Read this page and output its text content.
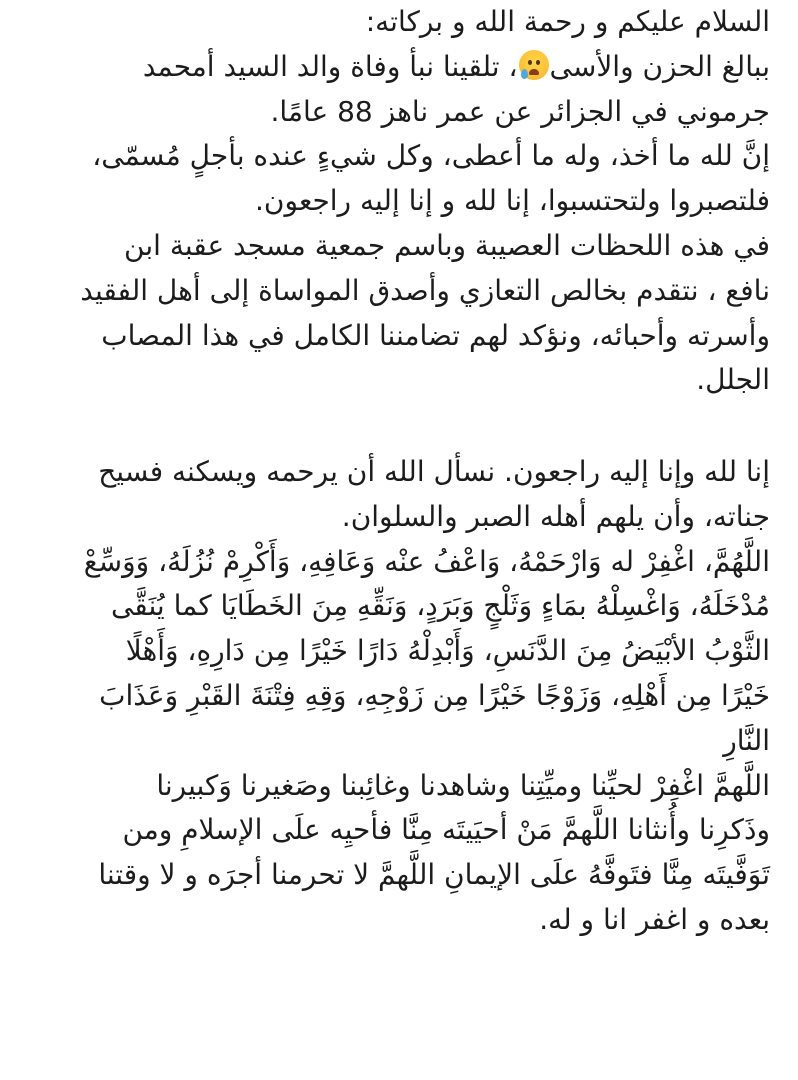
السلام عليكم و رحمة الله و بركاته:
ببالغ الحزن والأسى
، تلقينا نبأ وفاة والد السيد أمحمد
جرموني في الجزائر عن عمر ناهز 88 عامًا.
إنَّ لله ما أخذ، وله ما أعطى، وكل شيءٍ عنده بأجلٍ مُسمّى،
فلتصبروا ولتحتسبوا، إنا لله و إنا إليه راجعون.
في هذه اللحظات العصيبة وباسم جمعية مسجد عقبة ابن
نافع ، نتقدم بخالص التعازي وأصدق المواساة إلى أهل الفقيد
وأسرته وأحبائه، ونؤكد لهم تضامننا الكامل في هذا المصاب
الجلل.
إنا لله وإنا إليه راجعون. نسأل الله أن يرحمه ويسكنه فسيح
جناته، وأن يلهم أهله الصبر والسلوان.
اللَّهُمَّ، اغْفِرْ له وَارْحَمْهُ، وَاعْفُ عنْه وَعَافِهِ، وَأَكْرِمْ نُزُلَهُ، وَوَسِّعْ
مُدْخَلَهُ، وَاغْسِلْهُ بمَاءٍ وَثَلْجٍ وَبَرَدٍ، وَنَقِّهِ مِنَ الخَطَايَا كما يُنَقَّى
الثَّوْبُ الأبْيَضُ مِنَ الدَّنَسِ، وَأَبْدِلْهُ دَارًا خَيْرًا مِن دَارِهِ، وَأَهْلًا
خَيْرًا مِن أَهْلِهِ، وَزَوْجًا خَيْرًا مِن زَوْجِهِ، وَقِهِ فِتْنَةَ القَبْرِ وَعَذَابَ
النَّارِ
اللَّهمَّ اغْفِرْ لحيِّنا وميِّتِنا وشاهدنا وغائِبنا وصَغيرنا وَكبيرنا
وذَكرِنا وأُنثانا اللَّهمَّ مَنْ أحيَيتَه مِنَّا فأحيِه علَى الإسلامِ ومن
تَوَفَّيتَه مِنَّا فتَوفَّهُ علَى الإيمانِ اللَّهمَّ لا تحرمنا أجرَه و لا وقتنا
بعده و اغفر انا و له.
